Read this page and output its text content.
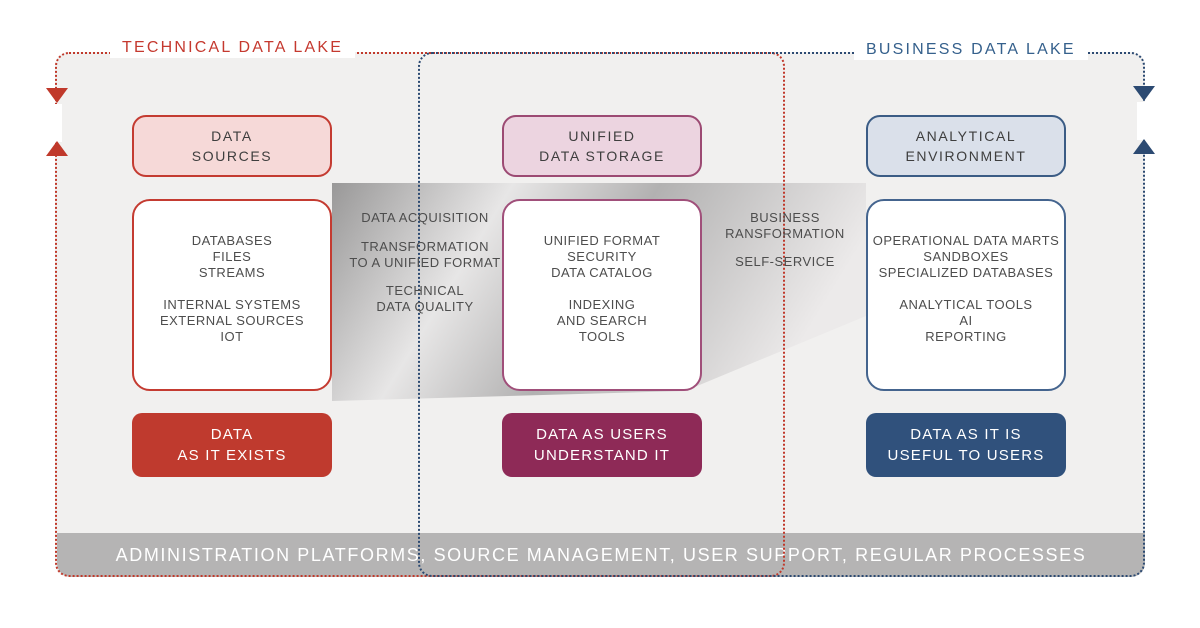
ADMINISTRATION PLATFORMS, SOURCE MANAGEMENT, USER SUPPORT, REGULAR PROCESSES
DATA ACQUISITION
TRANSFORMATION
TO A UNIFIED FORMAT
TECHNICAL
DATA QUALITY
BUSINESS
RANSFORMATION
SELF-SERVICE
DATA
SOURCES
DATABASES
FILES
STREAMS
INTERNAL SYSTEMS
EXTERNAL SOURCES
IOT
DATA
AS IT EXISTS
UNIFIED
DATA STORAGE
UNIFIED FORMAT
SECURITY
DATA CATALOG
INDEXING
AND SEARCH
TOOLS
DATA AS USERS
UNDERSTAND IT
ANALYTICAL
ENVIRONMENT
OPERATIONAL DATA MARTS
SANDBOXES
SPECIALIZED DATABASES
ANALYTICAL TOOLS
AI
REPORTING
DATA AS IT IS
USEFUL TO USERS
TECHNICAL DATA LAKE	BUSINESS DATA LAKE
